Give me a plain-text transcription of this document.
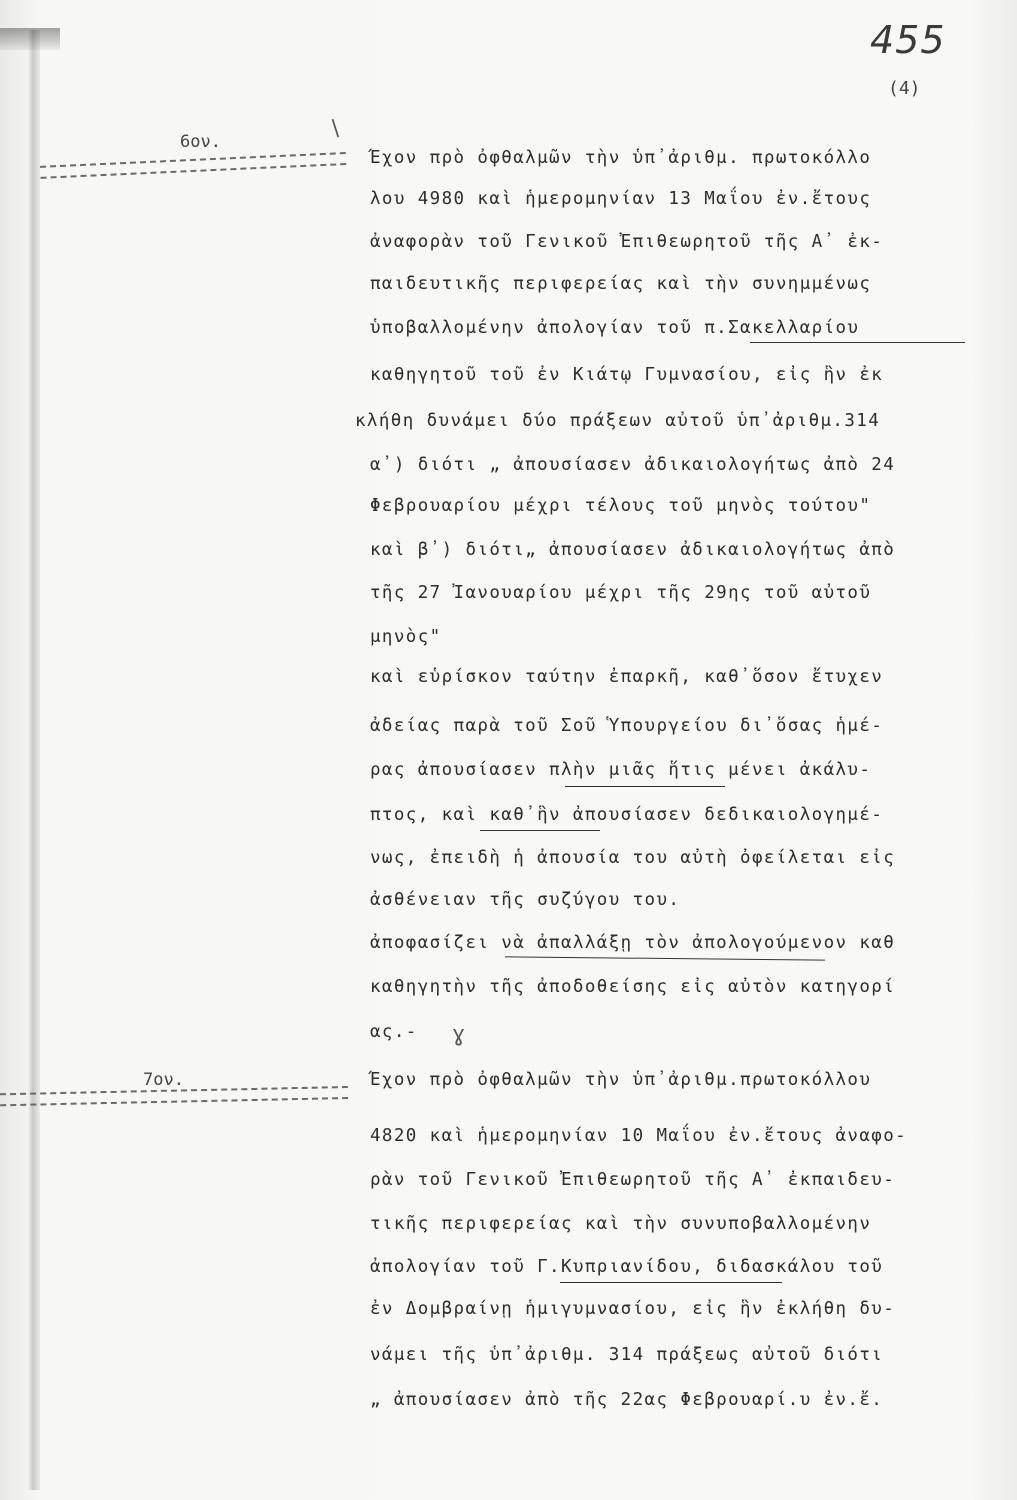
455
(4)
6ον.
/
Έχον πρὸ ὀφθαλμῶν τὴν ὑπ᾽ἀριθμ. πρωτοκόλλο
λου 4980 καὶ ἡμερομηνίαν 13 Μαΐου ἐν.ἔτους
ἀναφορὰν τοῦ Γενικοῦ Ἐπιθεωρητοῦ τῆς Α᾽ ἐκ-
παιδευτικῆς περιφερείας καὶ τὴν συνημμένως
ὑποβαλλομένην ἀπολογίαν τοῦ π.Σακελλαρίου
καθηγητοῦ τοῦ ἐν Κιάτῳ Γυμνασίου, εἰς ἣν ἐκ
κλήθη δυνάμει δύο πράξεων αὐτοῦ ὑπ᾽ἀριθμ.314
α᾽) διότι „ ἀπουσίασεν ἀδικαιολογήτως ἀπὸ 24
Φεβρουαρίου μέχρι τέλους τοῦ μηνὸς τούτου"
καὶ β᾽) διότι„ ἀπουσίασεν ἀδικαιολογήτως ἀπὸ
τῆς 27 Ἰανουαρίου μέχρι τῆς 29ης τοῦ αὐτοῦ
μηνὸς"
καὶ εὑρίσκον ταύτην ἐπαρκῆ, καθ᾽ὅσον ἔτυχεν
ἀδείας παρὰ τοῦ Σοῦ Ὑπουργείου δι᾽ὅσας ἡμέ-
ρας ἀπουσίασεν πλὴν μιᾶς ἥτις μένει ἀκάλυ-
πτος, καὶ καθ᾽ἣν ἀπουσίασεν δεδικαιολογημέ-
νως, ἐπειδὴ ἡ ἀπουσία του αὐτὴ ὀφείλεται εἰς
ἀσθένειαν τῆς συζύγου του.
ἀποφασίζει νὰ ἀπαλλάξῃ τὸν ἀπολογούμενον καθ
καθηγητὴν τῆς ἀποδοθείσης εἰς αὐτὸν κατηγορί
ας.- ɣ
7ον.	Έχον πρὸ ὀφθαλμῶν τὴν ὑπ᾽ἀριθμ.πρωτοκόλλου
4820 καὶ ἡμερομηνίαν 10 Μαΐου ἐν.ἔτους ἀναφο-
ρὰν τοῦ Γενικοῦ Ἐπιθεωρητοῦ τῆς Α᾽ ἐκπαιδευ-
τικῆς περιφερείας καὶ τὴν συνυποβαλλομένην
ἀπολογίαν τοῦ Γ.Κυπριανίδου, διδασκάλου τοῦ
ἐν Δομβραίνῃ ἡμιγυμνασίου, εἰς ἣν ἐκλήθη δυ-
νάμει τῆς ὑπ᾽ἀριθμ. 314 πράξεως αὐτοῦ διότι
„ ἀπουσίασεν ἀπὸ τῆς 22ας Φεβρουαρί.υ ἐν.ἔ.
